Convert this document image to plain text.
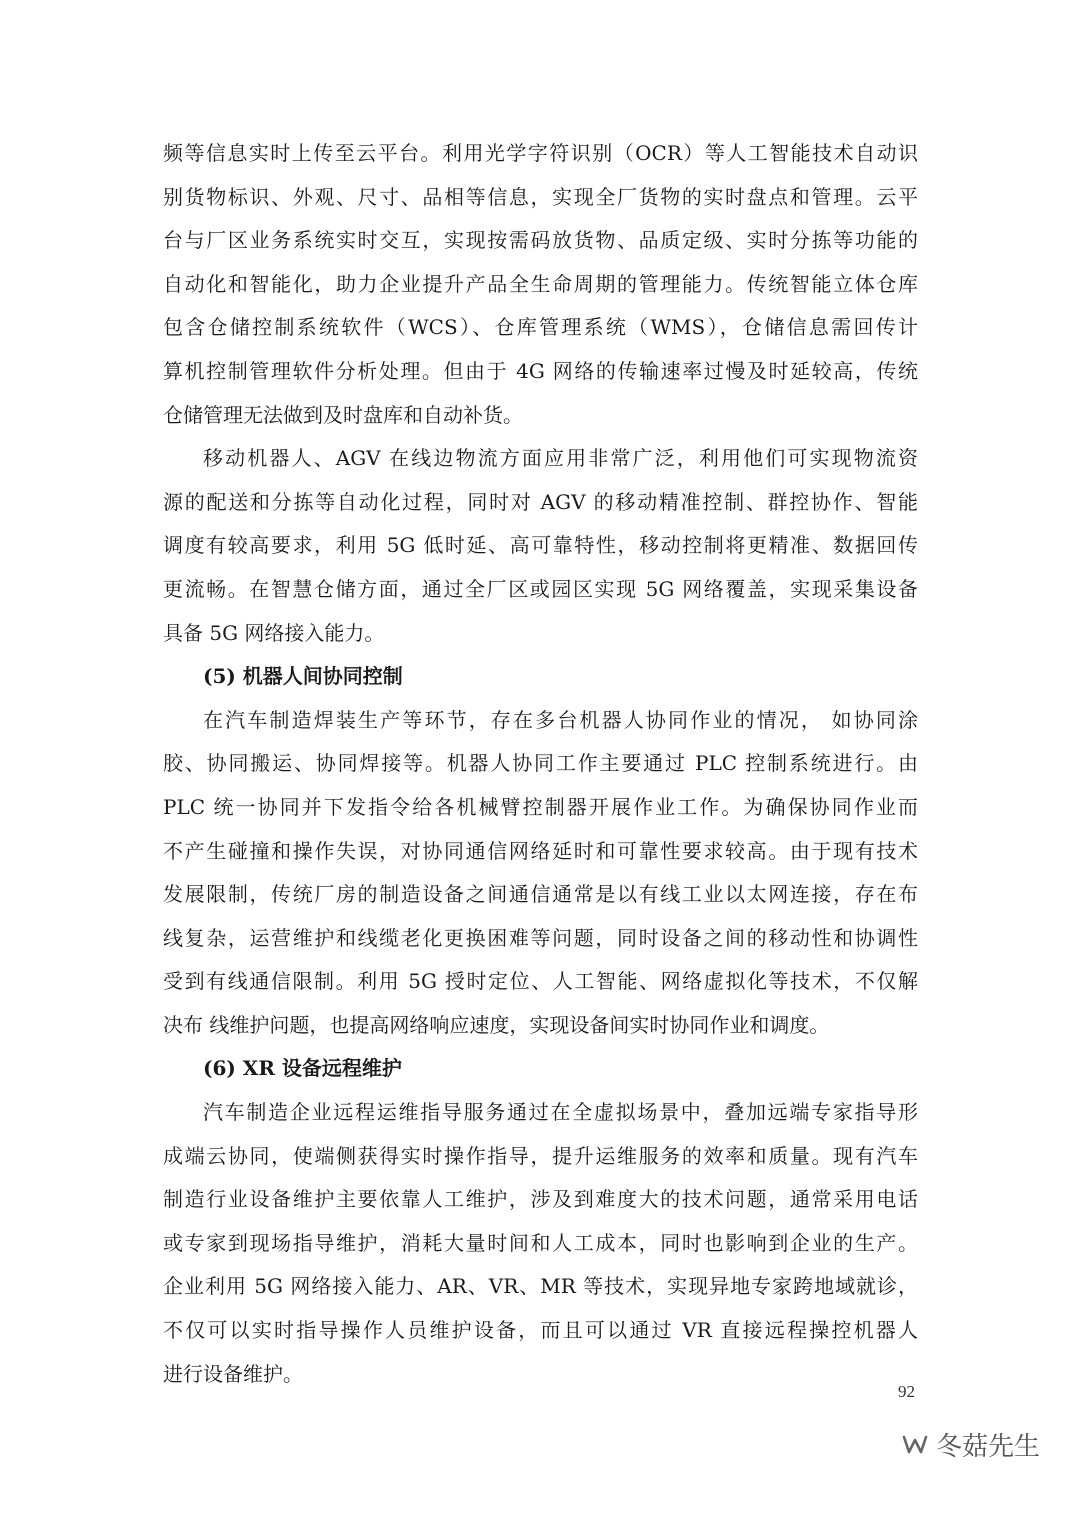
频等信息实时上传至云平台。利用光学字符识别（OCR）等人工智能技术自动识
别货物标识、外观、尺寸、品相等信息，实现全厂货物的实时盘点和管理。云平
台与厂区业务系统实时交互，实现按需码放货物、品质定级、实时分拣等功能的
自动化和智能化，助力企业提升产品全生命周期的管理能力。传统智能立体仓库
包含仓储控制系统软件（WCS）、仓库管理系统（WMS），仓储信息需回传计
算机控制管理软件分析处理。但由于 4G 网络的传输速率过慢及时延较高，传统
仓储管理无法做到及时盘库和自动补货。
移动机器人、AGV 在线边物流方面应用非常广泛，利用他们可实现物流资
源的配送和分拣等自动化过程，同时对 AGV 的移动精准控制、群控协作、智能
调度有较高要求，利用 5G 低时延、高可靠特性，移动控制将更精准、数据回传
更流畅。在智慧仓储方面，通过全厂区或园区实现 5G 网络覆盖，实现采集设备
具备 5G 网络接入能力。
(5) 机器人间协同控制
在汽车制造焊装生产等环节，存在多台机器人协同作业的情况， 如协同涂
胶、协同搬运、协同焊接等。机器人协同工作主要通过 PLC 控制系统进行。由
PLC 统一协同并下发指令给各机械臂控制器开展作业工作。为确保协同作业而
不产生碰撞和操作失误，对协同通信网络延时和可靠性要求较高。由于现有技术
发展限制，传统厂房的制造设备之间通信通常是以有线工业以太网连接，存在布
线复杂，运营维护和线缆老化更换困难等问题，同时设备之间的移动性和协调性
受到有线通信限制。利用 5G 授时定位、人工智能、网络虚拟化等技术，不仅解
决布 线维护问题，也提高网络响应速度，实现设备间实时协同作业和调度。
(6) XR 设备远程维护
汽车制造企业远程运维指导服务通过在全虚拟场景中，叠加远端专家指导形
成端云协同，使端侧获得实时操作指导，提升运维服务的效率和质量。现有汽车
制造行业设备维护主要依靠人工维护，涉及到难度大的技术问题，通常采用电话
或专家到现场指导维护，消耗大量时间和人工成本，同时也影响到企业的生产。
企业利用 5G 网络接入能力、AR、VR、MR 等技术，实现异地专家跨地域就诊，
不仅可以实时指导操作人员维护设备，而且可以通过 VR 直接远程操控机器人
进行设备维护。
92
冬菇先生
